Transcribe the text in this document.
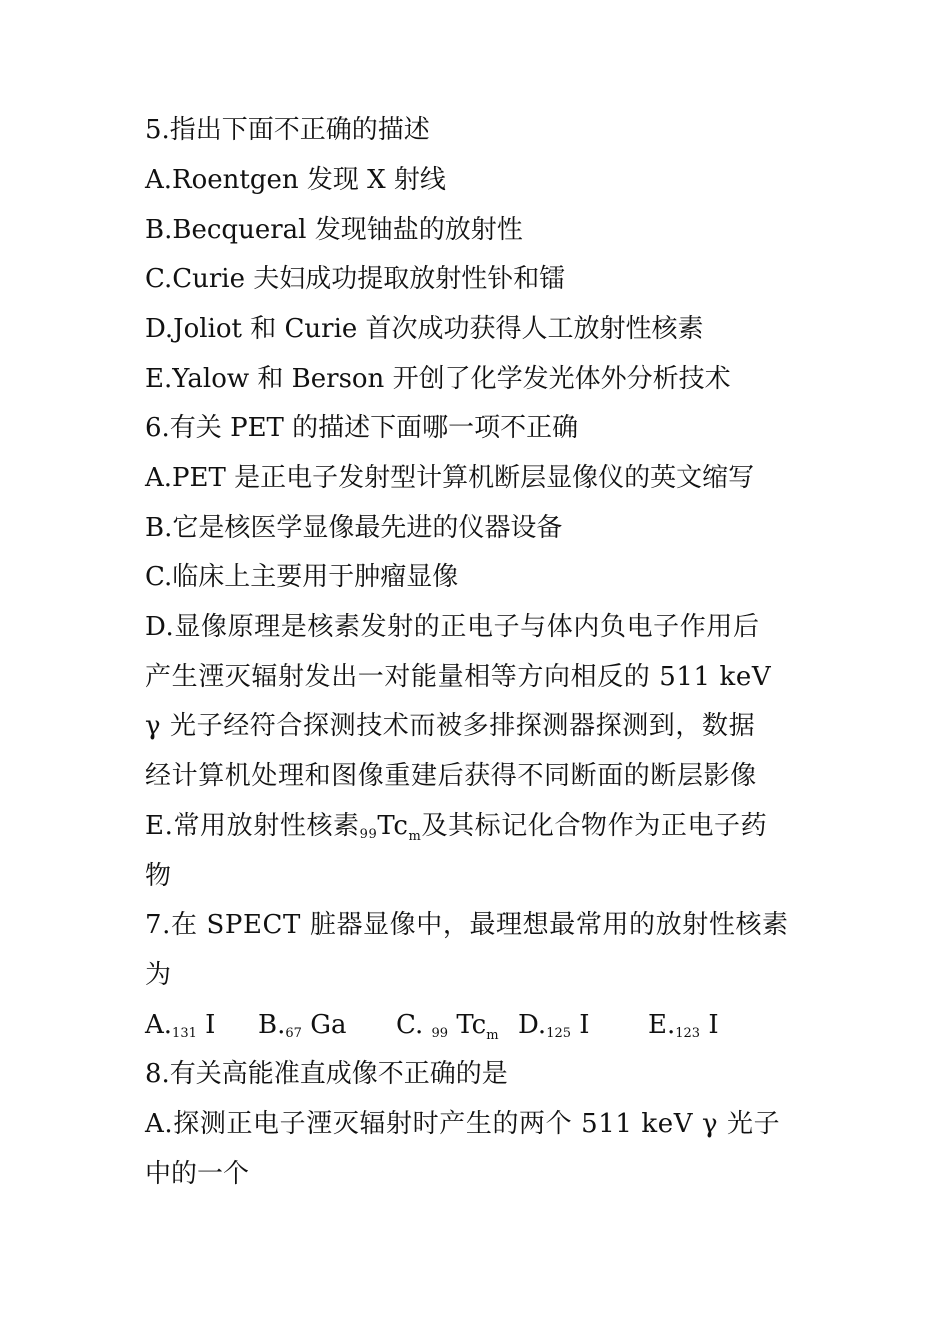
5.指出下面不正确的描述
A.Roentgen 发现 X 射线
B.Becqueral 发现铀盐的放射性
C.Curie 夫妇成功提取放射性钋和镭
D.Joliot 和 Curie 首次成功获得人工放射性核素
E.Yalow 和 Berson 开创了化学发光体外分析技术
6.有关 PET 的描述下面哪一项不正确
A.PET 是正电子发射型计算机断层显像仪的英文缩写
B.它是核医学显像最先进的仪器设备
C.临床上主要用于肿瘤显像
D.显像原理是核素发射的正电子与体内负电子作用后
产生湮灭辐射发出一对能量相等方向相反的 511 keV
γ 光子经符合探测技术而被多排探测器探测到，数据
经计算机处理和图像重建后获得不同断面的断层影像
E.常用放射性核素$99Tc_m$及其标记化合物作为正电子药
物
7.在 SPECT 脏器显像中，最理想最常用的放射性核素
为
A.131 I B.67 Ga C. 99 $Tc_m$ D.125 I E.123 I
8.有关高能准直成像不正确的是
A.探测正电子湮灭辐射时产生的两个 511 keV γ 光子
中的一个
